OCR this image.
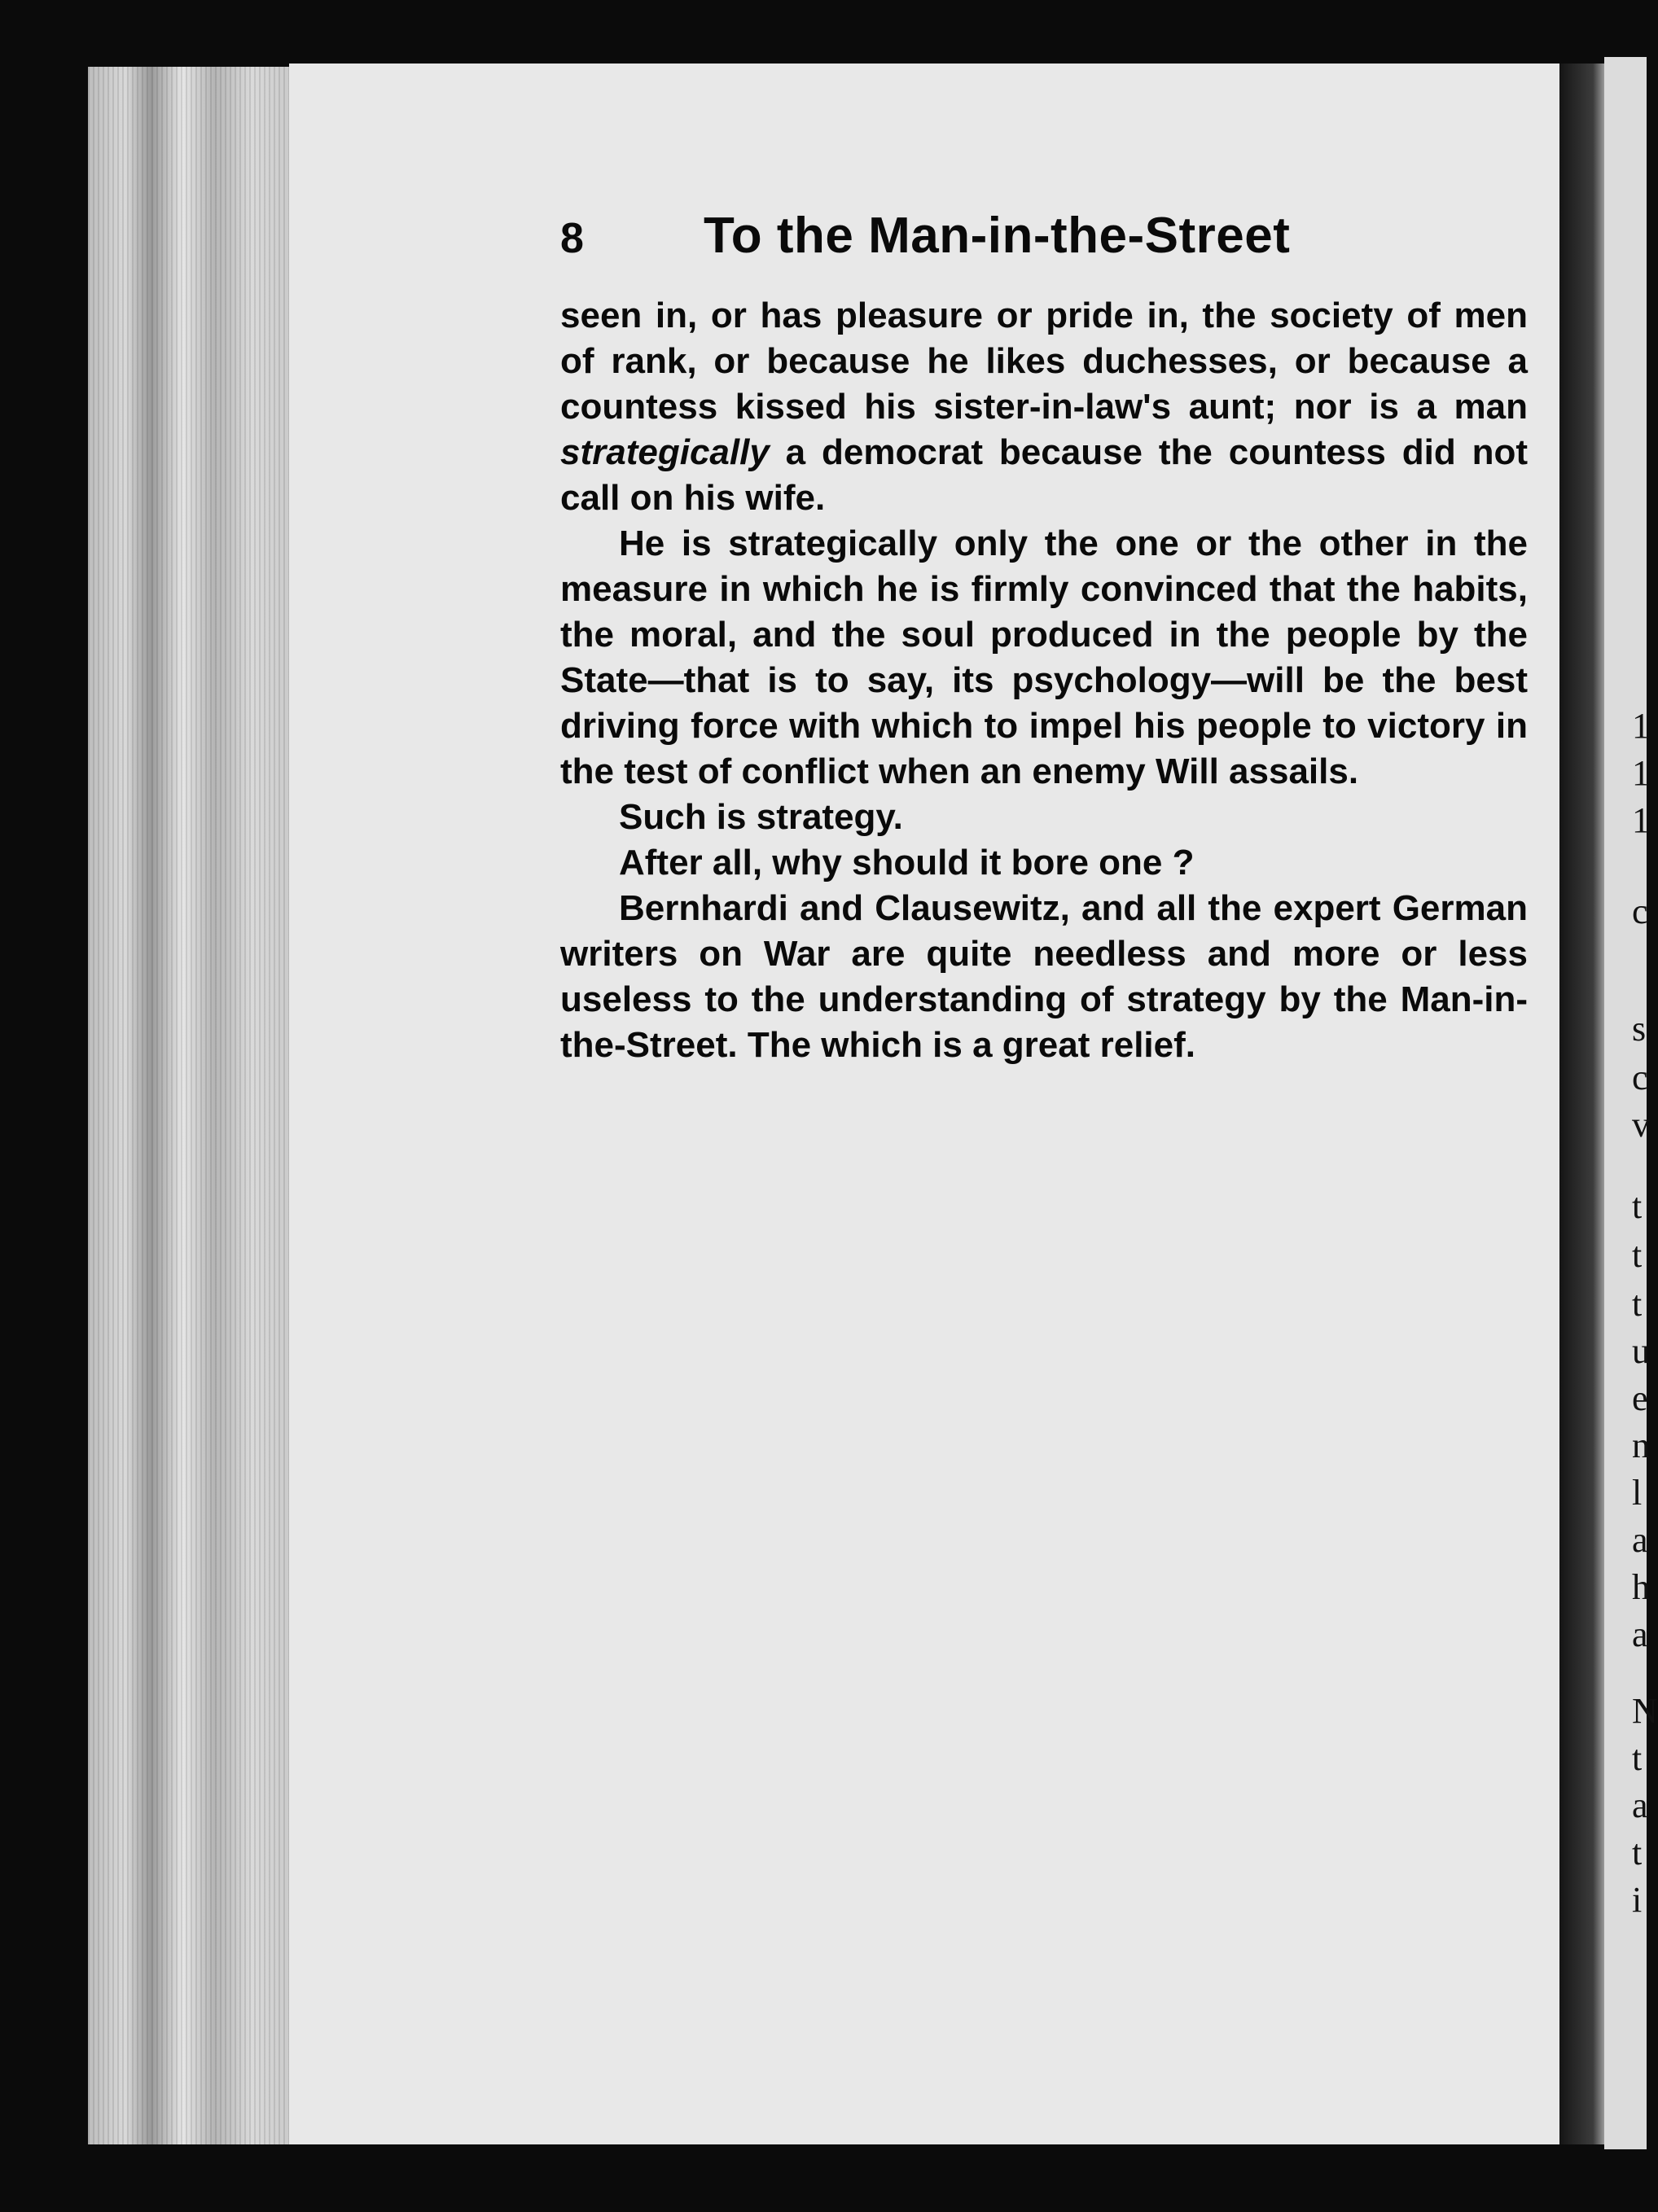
1
1
1
c
s
c
v
t
t
t
u
e
n
l
a
h
a
N
t
a
t
i
8	To the Man-in-the-Street

seen in, or has pleasure or pride in, the society of men of rank, or because he likes duchesses, or because a countess kissed his sister-in-law's aunt; nor is a man strategically a democrat because the countess did not call on his wife.

He is strategically only the one or the other in the measure in which he is firmly convinced that the habits, the moral, and the soul produced in the people by the State—that is to say, its psychology—will be the best driving force with which to impel his people to victory in the test of conflict when an enemy Will assails.

Such is strategy.

After all, why should it bore one ?

Bernhardi and Clausewitz, and all the expert German writers on War are quite needless and more or less useless to the understanding of strategy by the Man-in-the-Street. The which is a great relief.
